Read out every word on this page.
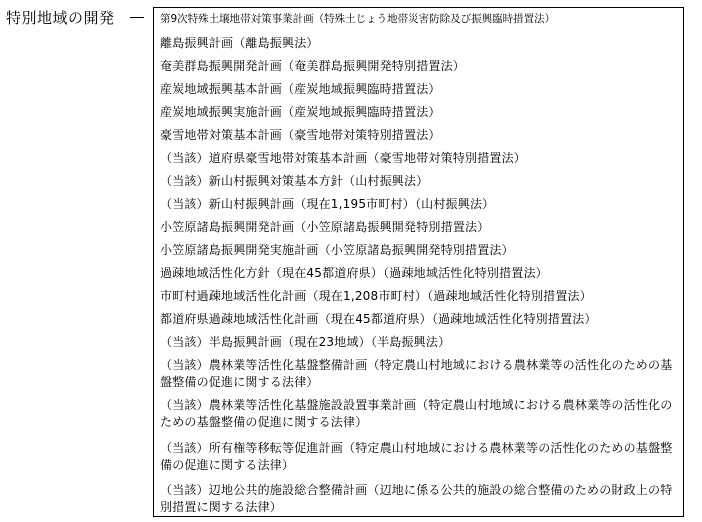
特別地域の開発	第9次特殊土壌地帯対策事業計画（特殊土じょう地帯災害防除及び振興臨時措置法）
離島振興計画（離島振興法）
奄美群島振興開発計画（奄美群島振興開発特別措置法）
産炭地域振興基本計画（産炭地域振興臨時措置法）
産炭地域振興実施計画（産炭地域振興臨時措置法）
豪雪地帯対策基本計画（豪雪地帯対策特別措置法）
（当該）道府県豪雪地帯対策基本計画（豪雪地帯対策特別措置法）
（当該）新山村振興対策基本方針（山村振興法）
（当該）新山村振興計画（現在1,195市町村）（山村振興法）
小笠原諸島振興開発計画（小笠原諸島振興開発特別措置法）
小笠原諸島振興開発実施計画（小笠原諸島振興開発特別措置法）
過疎地域活性化方針（現在45都道府県）（過疎地域活性化特別措置法）
市町村過疎地域活性化計画（現在1,208市町村）（過疎地域活性化特別措置法）
都道府県過疎地域活性化計画（現在45都道府県）（過疎地域活性化特別措置法）
（当該）半島振興計画（現在23地域）（半島振興法）
（当該）農林業等活性化基盤整備計画（特定農山村地域における農林業等の活性化のための基盤整備の促進に関する法律）
（当該）農林業等活性化基盤施設設置事業計画（特定農山村地域における農林業等の活性化のための基盤整備の促進に関する法律）
（当該）所有権等移転等促進計画（特定農山村地域における農林業等の活性化のための基盤整備の促進に関する法律）
（当該）辺地公共的施設総合整備計画（辺地に係る公共的施設の総合整備のための財政上の特別措置に関する法律）
